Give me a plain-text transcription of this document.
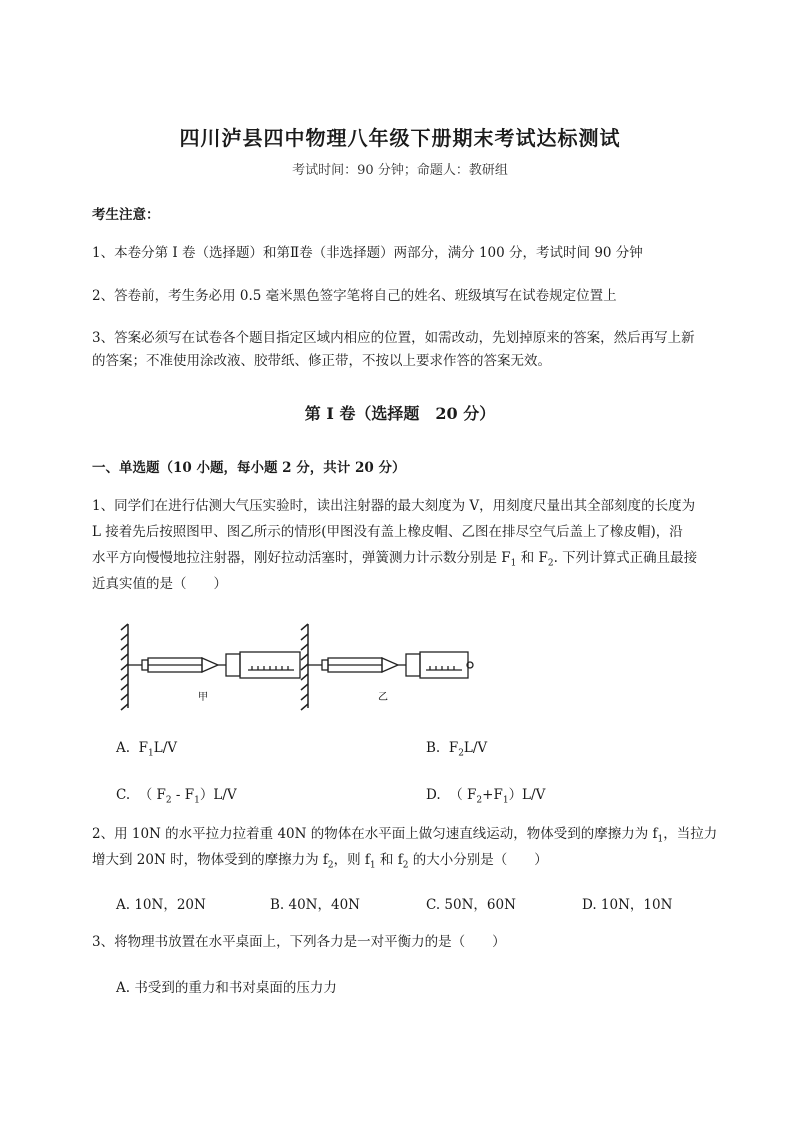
四川泸县四中物理八年级下册期末考试达标测试
考试时间：90 分钟；命题人：教研组
考生注意：
1、本卷分第 I 卷（选择题）和第Ⅱ卷（非选择题）两部分，满分 100 分，考试时间 90 分钟
2、答卷前，考生务必用 0.5 毫米黑色签字笔将自己的姓名、班级填写在试卷规定位置上
3、答案必须写在试卷各个题目指定区域内相应的位置，如需改动，先划掉原来的答案，然后再写上新
的答案；不准使用涂改液、胶带纸、修正带，不按以上要求作答的答案无效。
第 I 卷（选择题　20 分）
一、单选题（10 小题，每小题 2 分，共计 20 分）
1、同学们在进行估测大气压实验时，读出注射器的最大刻度为 V，用刻度尺量出其全部刻度的长度为
L 接着先后按照图甲、图乙所示的情形(甲图没有盖上橡皮帽、乙图在排尽空气后盖上了橡皮帽)，沿
水平方向慢慢地拉注射器，刚好拉动活塞时，弹簧测力计示数分别是 $F_1$ 和 $F_2$. 下列计算式正确且最接
近真实值的是（　　）
甲	乙
A. $F_1L/V$	B. $F_2L/V$
C. （ $F_2 - F_1)L/V$	D. （ $F_2+F_1)L/V$
2、用 10N 的水平拉力拉着重 40N 的物体在水平面上做匀速直线运动，物体受到的摩擦力为 $f_1$，当拉力
增大到 20N 时，物体受到的摩擦力为 $f_2$，则 $f_1$ 和 $f_2$ 的大小分别是（　　）
A. 10N，20N	B. 40N，40N	C. 50N，60N	D. 10N，10N
3、将物理书放置在水平桌面上，下列各力是一对平衡力的是（　　）
A. 书受到的重力和书对桌面的压力力
